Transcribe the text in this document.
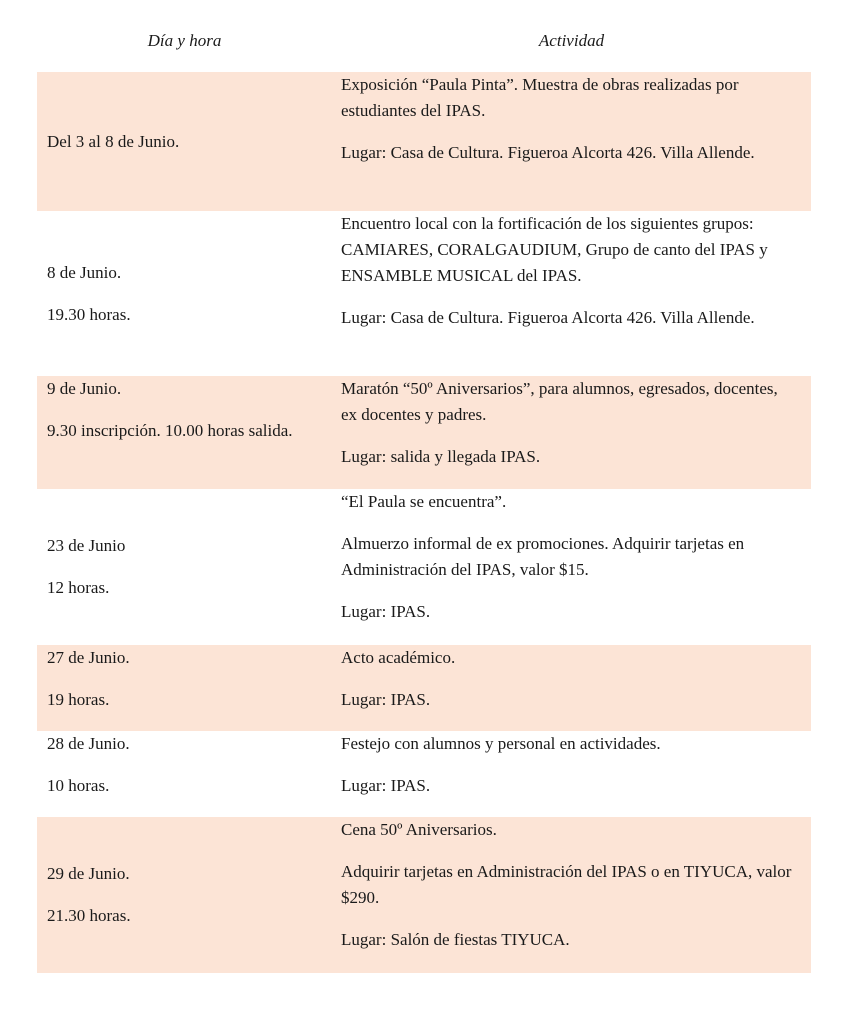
Día y hora	Actividad

Del 3 al 8 de Junio.

Exposición “Paula Pinta”. Muestra de obras realizadas por estudiantes del IPAS.

Lugar: Casa de Cultura. Figueroa Alcorta 426. Villa Allende.

8 de Junio.

19.30 horas.

Encuentro local con la fortificación de los siguientes grupos: CAMIARES, CORALGAUDIUM, Grupo de canto del IPAS y ENSAMBLE MUSICAL del IPAS.

Lugar: Casa de Cultura. Figueroa Alcorta 426. Villa Allende.

9 de Junio.

9.30 inscripción. 10.00 horas salida.

Maratón “50º Aniversarios”, para alumnos, egresados, docentes, ex docentes y padres.

Lugar: salida y llegada IPAS.

23 de Junio

12 horas.

“El Paula se encuentra”.

Almuerzo informal de ex promociones. Adquirir tarjetas en Administración del IPAS, valor $15.

Lugar: IPAS.

27 de Junio.

19 horas.

Acto académico.

Lugar: IPAS.

28 de Junio.

10 horas.

Festejo con alumnos y personal en actividades.

Lugar: IPAS.

29 de Junio.

21.30 horas.

Cena 50º Aniversarios.

Adquirir tarjetas en Administración del IPAS o en TIYUCA, valor $290.

Lugar: Salón de fiestas TIYUCA.
